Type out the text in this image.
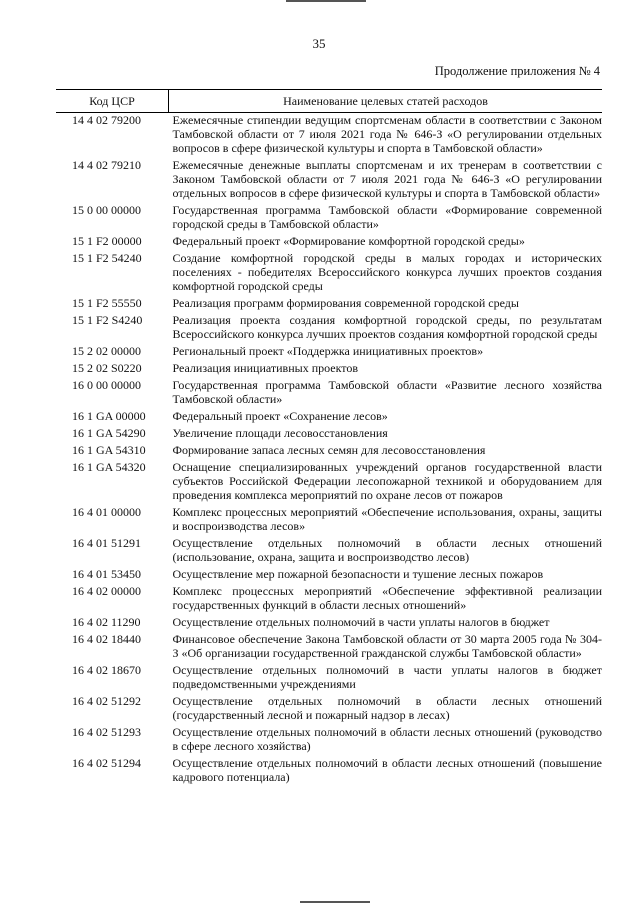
35
Продолжение приложения № 4
Код ЦСР	Наименование целевых статей расходов
14 4 02 79200	Ежемесячные стипендии ведущим спортсменам области в соответствии с Законом Тамбовской области от 7 июля 2021 года № 646-З «О регулировании отдельных вопросов в сфере физической культуры и спорта в Тамбовской области»
14 4 02 79210	Ежемесячные денежные выплаты спортсменам и их тренерам в соответствии с Законом Тамбовской области от 7 июля 2021 года № 646-З «О регулировании отдельных вопросов в сфере физической культуры и спорта в Тамбовской области»
15 0 00 00000	Государственная программа Тамбовской области «Формирование современной городской среды в Тамбовской области»
15 1 F2 00000	Федеральный проект «Формирование комфортной городской среды»
15 1 F2 54240	Создание комфортной городской среды в малых городах и исторических поселениях - победителях Всероссийского конкурса лучших проектов создания комфортной городской среды
15 1 F2 55550	Реализация программ формирования современной городской среды
15 1 F2 S4240	Реализация проекта создания комфортной городской среды, по результатам Всероссийского конкурса лучших проектов создания комфортной городской среды
15 2 02 00000	Региональный проект «Поддержка инициативных проектов»
15 2 02 S0220	Реализация инициативных проектов
16 0 00 00000	Государственная программа Тамбовской области «Развитие лесного хозяйства Тамбовской области»
16 1 GA 00000	Федеральный проект «Сохранение лесов»
16 1 GA 54290	Увеличение площади лесовосстановления
16 1 GA 54310	Формирование запаса лесных семян для лесовосстановления
16 1 GA 54320	Оснащение специализированных учреждений органов государственной власти субъектов Российской Федерации лесопожарной техникой и оборудованием для проведения комплекса мероприятий по охране лесов от пожаров
16 4 01 00000	Комплекс процессных мероприятий «Обеспечение использования, охраны, защиты и воспроизводства лесов»
16 4 01 51291	Осуществление отдельных полномочий в области лесных отношений (использование, охрана, защита и воспроизводство лесов)
16 4 01 53450	Осуществление мер пожарной безопасности и тушение лесных пожаров
16 4 02 00000	Комплекс процессных мероприятий «Обеспечение эффективной реализации государственных функций в области лесных отношений»
16 4 02 11290	Осуществление отдельных полномочий в части уплаты налогов в бюджет
16 4 02 18440	Финансовое обеспечение Закона Тамбовской области от 30 марта 2005 года № 304-З «Об организации государственной гражданской службы Тамбовской области»
16 4 02 18670	Осуществление отдельных полномочий в части уплаты налогов в бюджет подведомственными учреждениями
16 4 02 51292	Осуществление отдельных полномочий в области лесных отношений (государственный лесной и пожарный надзор в лесах)
16 4 02 51293	Осуществление отдельных полномочий в области лесных отношений (руководство в сфере лесного хозяйства)
16 4 02 51294	Осуществление отдельных полномочий в области лесных отношений (повышение кадрового потенциала)
